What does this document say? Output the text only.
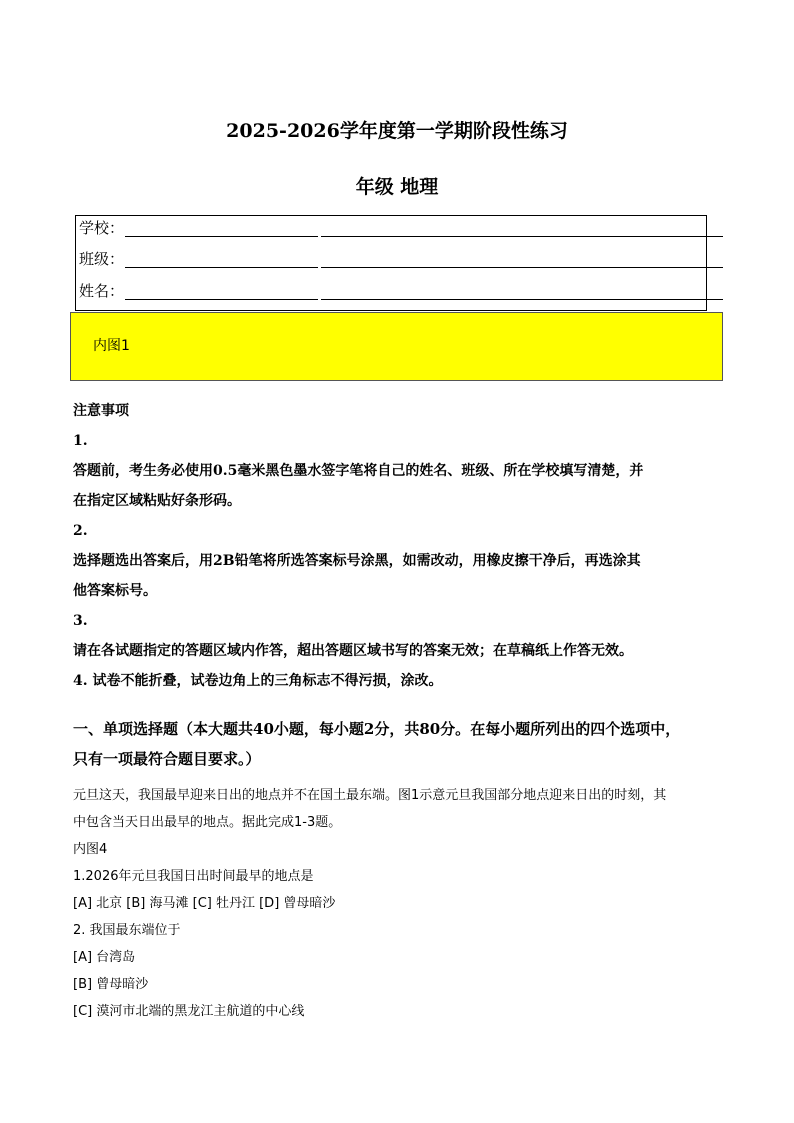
2025-2026学年度第一学期阶段性练习
年级 地理
学校：
班级：
姓名：
内图1

注意事项

1.

答题前，考生务必使用0.5毫米黑色墨水签字笔将自己的姓名、班级、所在学校填写清楚，并

在指定区域粘贴好条形码。

2.

选择题选出答案后，用2B铅笔将所选答案标号涂黑，如需改动，用橡皮擦干净后，再选涂其

他答案标号。

3.

请在各试题指定的答题区域内作答，超出答题区域书写的答案无效；在草稿纸上作答无效。

4. 试卷不能折叠，试卷边角上的三角标志不得污损，涂改。

一、单项选择题（本大题共40小题，每小题2分，共80分。在每小题所列出的四个选项中，

只有一项最符合题目要求。）

元旦这天，我国最早迎来日出的地点并不在国土最东端。图1示意元旦我国部分地点迎来日出的时刻，其

中包含当天日出最早的地点。据此完成1-3题。

内图4

1.2026年元旦我国日出时间最早的地点是

[A] 北京 [B] 海马滩 [C] 牡丹江 [D] 曾母暗沙

2. 我国最东端位于

[A] 台湾岛

[B] 曾母暗沙

[C] 漠河市北端的黑龙江主航道的中心线
